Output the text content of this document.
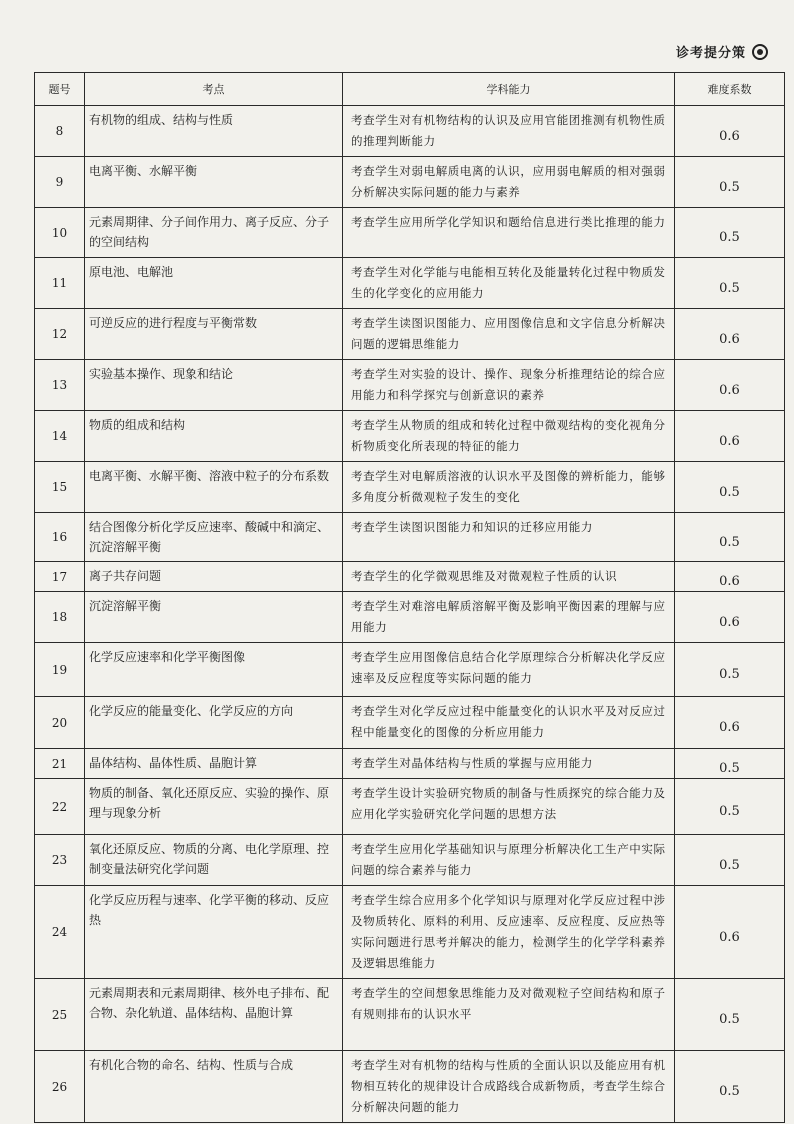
诊考提分策
题号	考点	学科能力	难度系数
8	有机物的组成、结构与性质	考查学生对有机物结构的认识及应用官能团推测有机物性质的推理判断能力	0.6
9	电离平衡、水解平衡	考查学生对弱电解质电离的认识，应用弱电解质的相对强弱分析解决实际问题的能力与素养	0.5
10	元素周期律、分子间作用力、离子反应、分子的空间结构	考查学生应用所学化学知识和题给信息进行类比推理的能力	0.5
11	原电池、电解池	考查学生对化学能与电能相互转化及能量转化过程中物质发生的化学变化的应用能力	0.5
12	可逆反应的进行程度与平衡常数	考查学生读图识图能力、应用图像信息和文字信息分析解决问题的逻辑思维能力	0.6
13	实验基本操作、现象和结论	考查学生对实验的设计、操作、现象分析推理结论的综合应用能力和科学探究与创新意识的素养	0.6
14	物质的组成和结构	考查学生从物质的组成和转化过程中微观结构的变化视角分析物质变化所表现的特征的能力	0.6
15	电离平衡、水解平衡、溶液中粒子的分布系数	考查学生对电解质溶液的认识水平及图像的辨析能力，能够多角度分析微观粒子发生的变化	0.5
16	结合图像分析化学反应速率、酸碱中和滴定、沉淀溶解平衡	考查学生读图识图能力和知识的迁移应用能力	0.5
17	离子共存问题	考查学生的化学微观思维及对微观粒子性质的认识	0.6
18	沉淀溶解平衡	考查学生对难溶电解质溶解平衡及影响平衡因素的理解与应用能力	0.6
19	化学反应速率和化学平衡图像	考查学生应用图像信息结合化学原理综合分析解决化学反应速率及反应程度等实际问题的能力	0.5
20	化学反应的能量变化、化学反应的方向	考查学生对化学反应过程中能量变化的认识水平及对反应过程中能量变化的图像的分析应用能力	0.6
21	晶体结构、晶体性质、晶胞计算	考查学生对晶体结构与性质的掌握与应用能力	0.5
22	物质的制备、氧化还原反应、实验的操作、原理与现象分析	考查学生设计实验研究物质的制备与性质探究的综合能力及应用化学实验研究化学问题的思想方法	0.5
23	氧化还原反应、物质的分离、电化学原理、控制变量法研究化学问题	考查学生应用化学基础知识与原理分析解决化工生产中实际问题的综合素养与能力	0.5
24	化学反应历程与速率、化学平衡的移动、反应热	考查学生综合应用多个化学知识与原理对化学反应过程中涉及物质转化、原料的利用、反应速率、反应程度、反应热等实际问题进行思考并解决的能力，检测学生的化学学科素养及逻辑思维能力	0.6
25	元素周期表和元素周期律、核外电子排布、配合物、杂化轨道、晶体结构、晶胞计算	考查学生的空间想象思维能力及对微观粒子空间结构和原子有规则排布的认识水平	0.5
26	有机化合物的命名、结构、性质与合成	考查学生对有机物的结构与性质的全面认识以及能应用有机物相互转化的规律设计合成路线合成新物质，考查学生综合分析解决问题的能力	0.5
